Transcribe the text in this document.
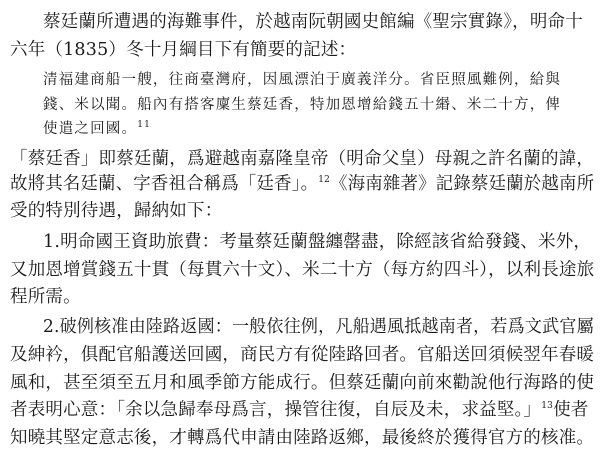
蔡廷蘭所遭遇的海難事件，於越南阮朝國史館編《聖宗實錄》，明命十
六年（1835）冬十月綱目下有簡要的記述：
清福建商船一艘，往商臺灣府，因風漂泊于廣義洋分。省臣照風難例，給與
錢、米以聞。船內有搭客廩生蔡廷香，特加恩增給錢五十緡、米二十方，俾
使遣之回國。$^{11}$
「蔡廷香」即蔡廷蘭，爲避越南嘉隆皇帝（明命父皇）母親之許名蘭的諱，
故將其名廷蘭、字香祖合稱爲「廷香」。$^{12}$《海南雜著》記錄蔡廷蘭於越南所
受的特別待遇，歸納如下：
1.明命國王資助旅費：考量蔡廷蘭盤纏罄盡，除經該省給發錢、米外，
又加恩增賞錢五十貫（每貫六十文）、米二十方（每方約四斗），以利長途旅
程所需。
2.破例核准由陸路返國：一般依往例，凡船遇風抵越南者，若爲文武官屬
及紳衿，俱配官船護送回國，商民方有從陸路回者。官船送回須候翌年春暖
風和，甚至須至五月和風季節方能成行。但蔡廷蘭向前來勸說他行海路的使
者表明心意：「余以急歸奉母爲言，操管往復，自辰及未，求益堅。」$^{13}$使者
知曉其堅定意志後，才轉爲代申請由陸路返鄉，最後終於獲得官方的核准。
